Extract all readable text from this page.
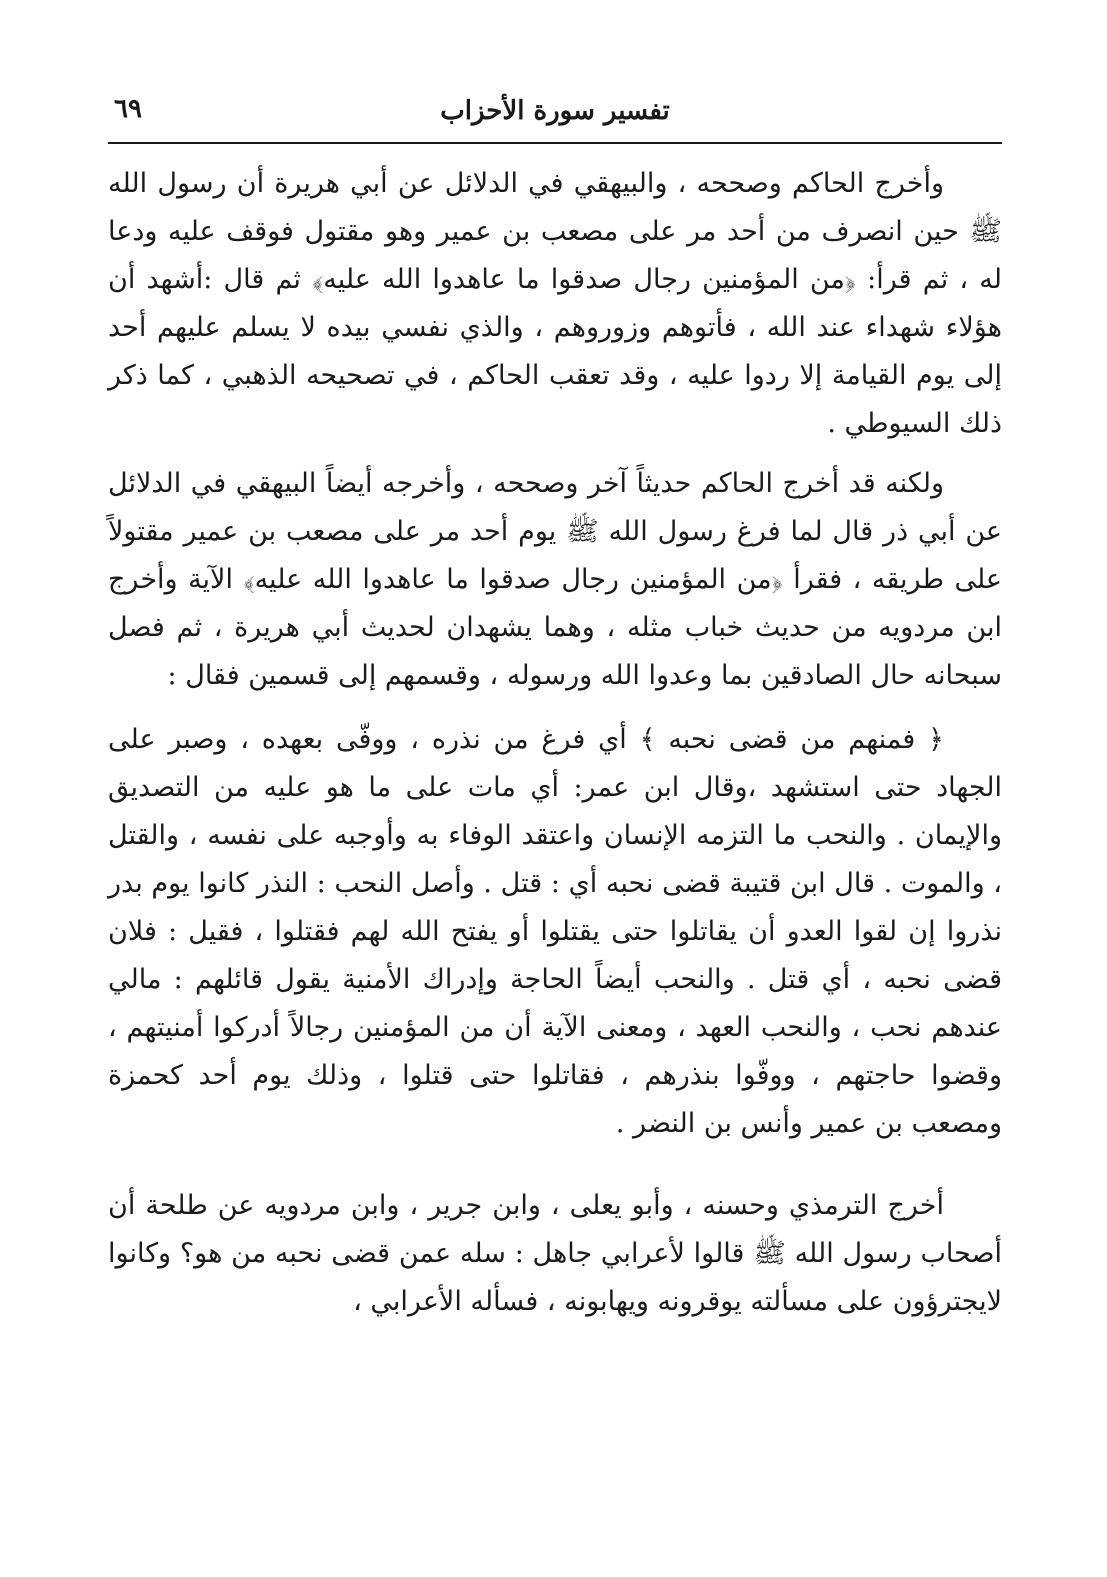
تفسير سورة الأحزاب
٦٩

وأخرج الحاكم وصححه ، والبيهقي في الدلائل عن أبي هريرة أن رسول الله ﷺ حين انصرف من أحد مر على مصعب بن عمير وهو مقتول فوقف عليه ودعا له ، ثم قرأ: ﴿من المؤمنين رجال صدقوا ما عاهدوا الله عليه﴾ ثم قال :أشهد أن هؤلاء شهداء عند الله ، فأتوهم وزوروهم ، والذي نفسي بيده لا يسلم عليهم أحد إلى يوم القيامة إلا ردوا عليه ، وقد تعقب الحاكم ، في تصحيحه الذهبي ، كما ذكر ذلك السيوطي .

ولكنه قد أخرج الحاكم حديثاً آخر وصححه ، وأخرجه أيضاً البيهقي في الدلائل عن أبي ذر قال لما فرغ رسول الله ﷺ يوم أحد مر على مصعب بن عمير مقتولاً على طريقه ، فقرأ ﴿من المؤمنين رجال صدقوا ما عاهدوا الله عليه﴾ الآية وأخرج ابن مردويه من حديث خباب مثله ، وهما يشهدان لحديث أبي هريرة ، ثم فصل سبحانه حال الصادقين بما وعدوا الله ورسوله ، وقسمهم إلى قسمين فقال :

﴿ فمنهم من قضى نحبه ﴾ أي فرغ من نذره ، ووفّى بعهده ، وصبر على الجهاد حتى استشهد ،وقال ابن عمر: أي مات على ما هو عليه من التصديق والإيمان . والنحب ما التزمه الإنسان واعتقد الوفاء به وأوجبه على نفسه ، والقتل ، والموت . قال ابن قتيبة قضى نحبه أي : قتل . وأصل النحب : النذر كانوا يوم بدر نذروا إن لقوا العدو أن يقاتلوا حتى يقتلوا أو يفتح الله لهم فقتلوا ، فقيل : فلان قضى نحبه ، أي قتل . والنحب أيضاً الحاجة وإدراك الأمنية يقول قائلهم : مالي عندهم نحب ، والنحب العهد ، ومعنى الآية أن من المؤمنين رجالاً أدركوا أمنيتهم ، وقضوا حاجتهم ، ووفّوا بنذرهم ، فقاتلوا حتى قتلوا ، وذلك يوم أحد كحمزة ومصعب بن عمير وأنس بن النضر .

أخرج الترمذي وحسنه ، وأبو يعلى ، وابن جرير ، وابن مردويه عن طلحة أن أصحاب رسول الله ﷺ قالوا لأعرابي جاهل : سله عمن قضى نحبه من هو؟ وكانوا لايجترؤون على مسألته يوقرونه ويهابونه ، فسأله الأعرابي ،
